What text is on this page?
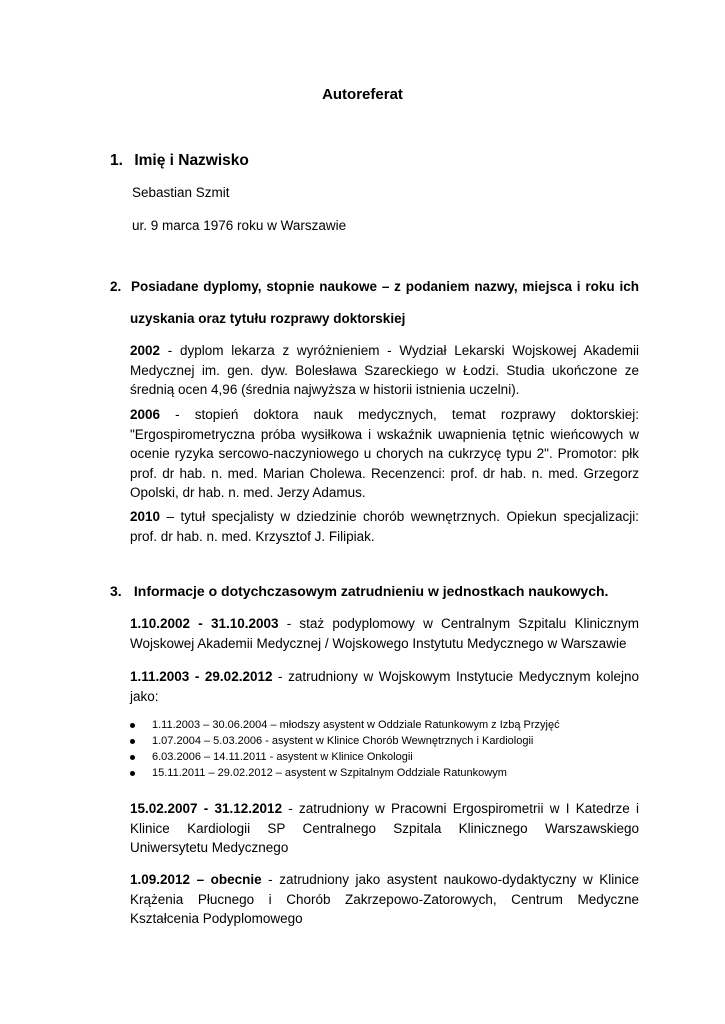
Autoreferat
1. Imię i Nazwisko
Sebastian Szmit
ur. 9 marca 1976 roku w Warszawie
2. Posiadane dyplomy, stopnie naukowe – z podaniem nazwy, miejsca i roku ich
uzyskania oraz tytułu rozprawy doktorskiej
2002 - dyplom lekarza z wyróżnieniem - Wydział Lekarski Wojskowej Akademii Medycznej im. gen. dyw. Bolesława Szareckiego w Łodzi. Studia ukończone ze średnią ocen 4,96 (średnia najwyższa w historii istnienia uczelni).
2006 - stopień doktora nauk medycznych, temat rozprawy doktorskiej: "Ergospirometryczna próba wysiłkowa i wskaźnik uwapnienia tętnic wieńcowych w ocenie ryzyka sercowo-naczyniowego u chorych na cukrzycę typu 2". Promotor: płk prof. dr hab. n. med. Marian Cholewa. Recenzenci: prof. dr hab. n. med. Grzegorz Opolski, dr hab. n. med. Jerzy Adamus.
2010 – tytuł specjalisty w dziedzinie chorób wewnętrznych. Opiekun specjalizacji: prof. dr hab. n. med. Krzysztof J. Filipiak.
3. Informacje o dotychczasowym zatrudnieniu w jednostkach naukowych.
1.10.2002 - 31.10.2003 - staż podyplomowy w Centralnym Szpitalu Klinicznym Wojskowej Akademii Medycznej / Wojskowego Instytutu Medycznego w Warszawie
1.11.2003 - 29.02.2012 - zatrudniony w Wojskowym Instytucie Medycznym kolejno jako:
1.11.2003 – 30.06.2004 – młodszy asystent w Oddziale Ratunkowym z Izbą Przyjęć
1.07.2004 – 5.03.2006 - asystent w Klinice Chorób Wewnętrznych i Kardiologii
6.03.2006 – 14.11.2011 - asystent w Klinice Onkologii
15.11.2011 – 29.02.2012 – asystent w Szpitalnym Oddziale Ratunkowym
15.02.2007 - 31.12.2012 - zatrudniony w Pracowni Ergospirometrii w I Katedrze i Klinice Kardiologii SP Centralnego Szpitala Klinicznego Warszawskiego Uniwersytetu Medycznego
1.09.2012 – obecnie - zatrudniony jako asystent naukowo-dydaktyczny w Klinice Krążenia Płucnego i Chorób Zakrzepowo-Zatorowych, Centrum Medyczne Kształcenia Podyplomowego
